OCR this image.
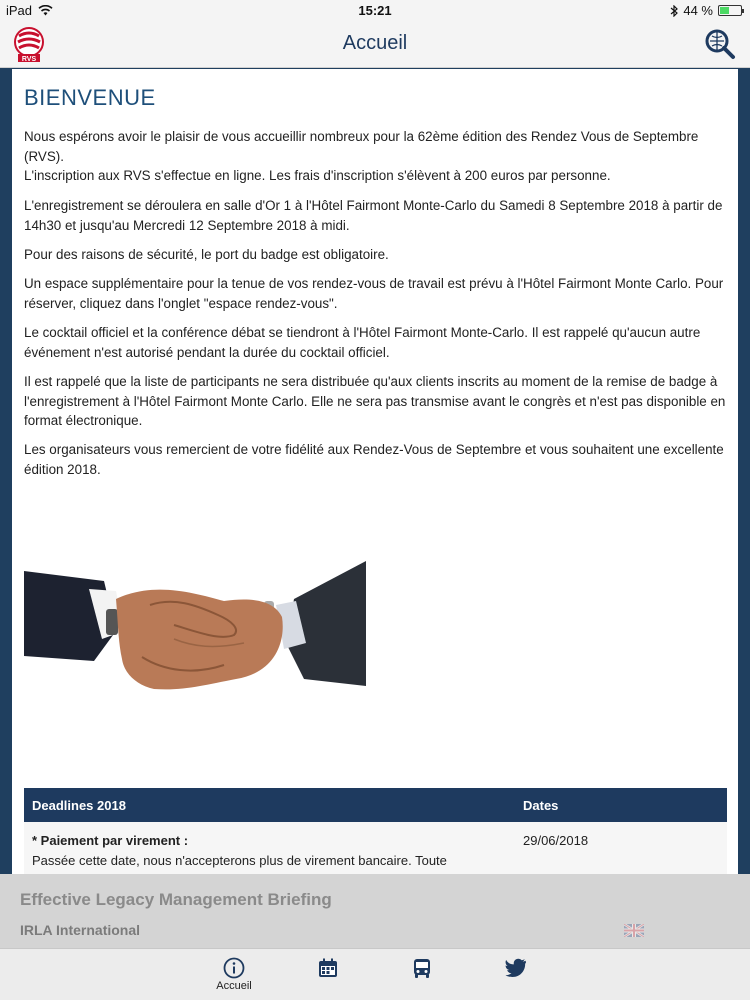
iPad	15:21	44 %
RVS
Accueil
BIENVENUE
Nous espérons avoir le plaisir de vous accueillir nombreux pour la 62ème édition des Rendez Vous de Septembre (RVS).
L'inscription aux RVS s'effectue en ligne. Les frais d'inscription s'élèvent à 200 euros par personne.
L'enregistrement se déroulera en salle d'Or 1 à l'Hôtel Fairmont Monte-Carlo du Samedi 8 Septembre 2018 à partir de 14h30 et jusqu'au Mercredi 12 Septembre 2018 à midi.
Pour des raisons de sécurité, le port du badge est obligatoire.
Un espace supplémentaire pour la tenue de vos rendez-vous de travail est prévu à l'Hôtel Fairmont Monte Carlo. Pour réserver, cliquez dans l'onglet "espace rendez-vous".
Le cocktail officiel et la conférence débat se tiendront à l'Hôtel Fairmont Monte-Carlo. Il est rappelé qu'aucun autre événement n'est autorisé pendant la durée du cocktail officiel.
Il est rappelé que la liste de participants ne sera distribuée qu'aux clients inscrits au moment de la remise de badge à l'enregistrement à l'Hôtel Fairmont Monte Carlo. Elle ne sera pas transmise avant le congrès et n'est pas disponible en format électronique.
Les organisateurs vous remercient de votre fidélité aux Rendez-Vous de Septembre et vous souhaitent une excellente édition 2018.
Deadlines 2018	Dates
* Paiement par virement :	29/06/2018
Passée cette date, nous n'accepterons plus de virement bancaire. Toute
Effective Legacy Management Briefing
IRLA International
Accueil
